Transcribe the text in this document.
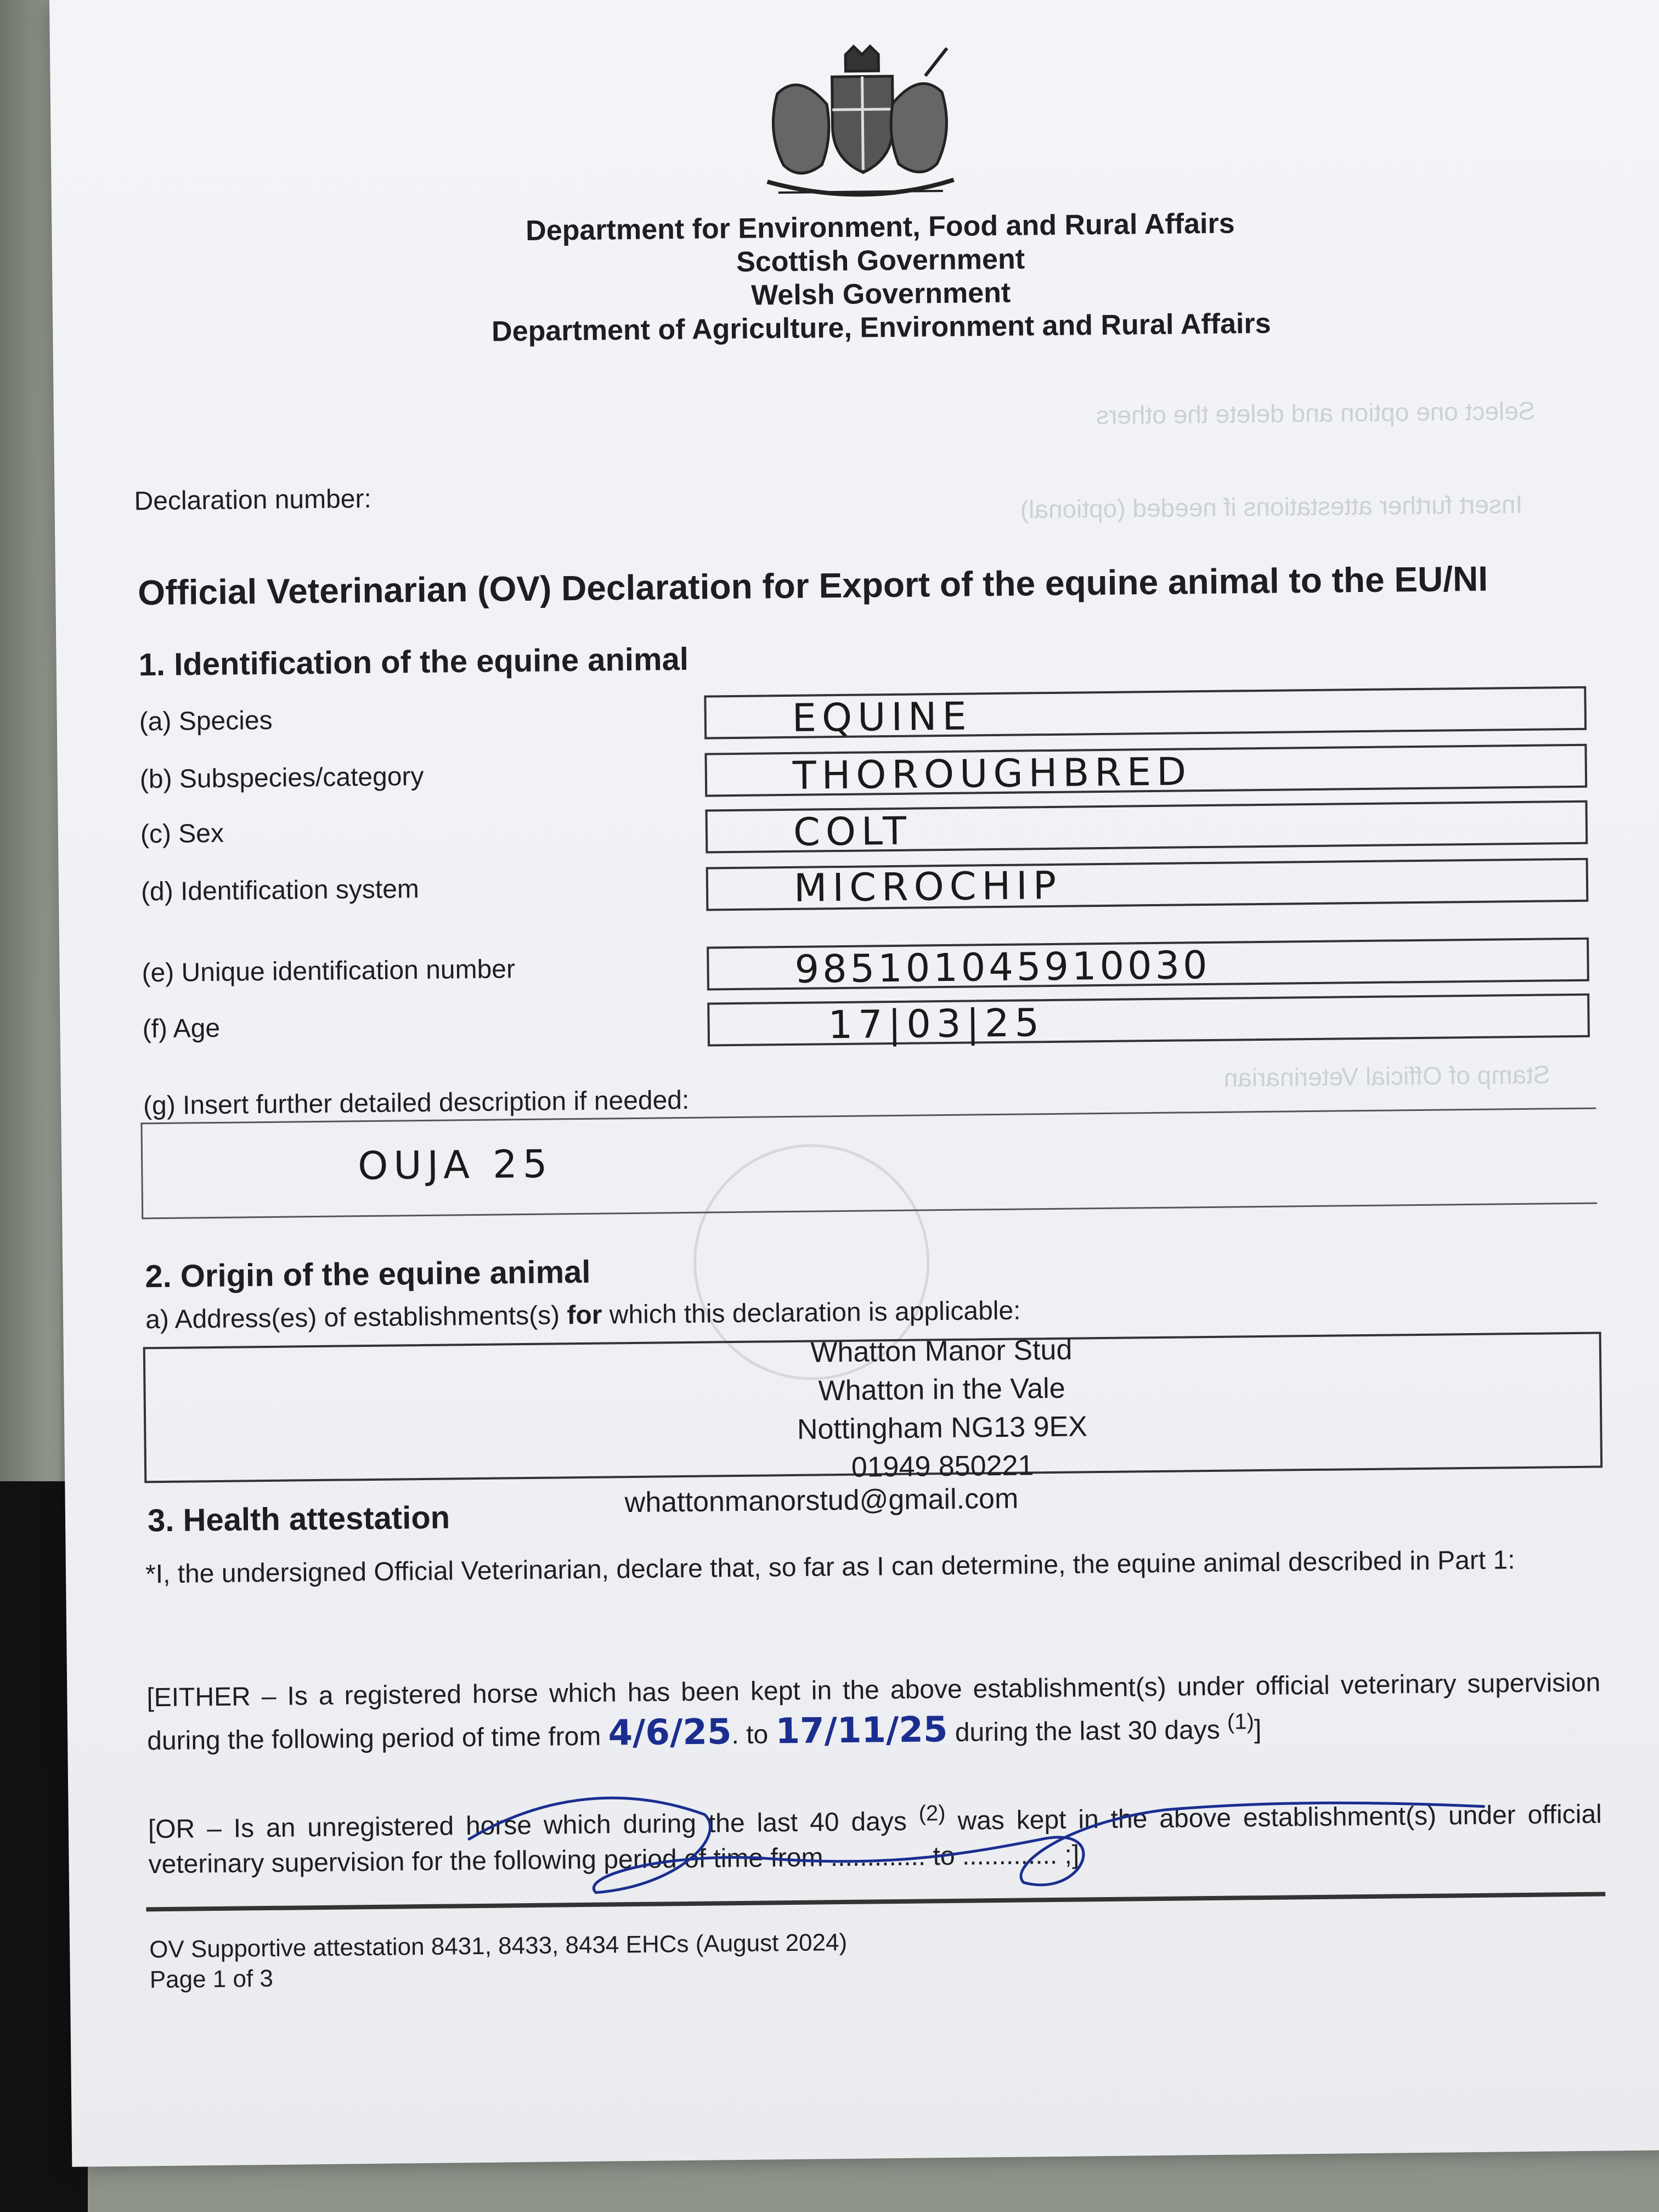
Insert further attestations if needed (optional)
Select one option and delete the others
Stamp of Official Veterinarian
Department for Environment, Food and Rural Affairs
Scottish Government
Welsh Government
Department of Agriculture, Environment and Rural Affairs
Declaration number:
Official Veterinarian (OV) Declaration for Export of the equine animal to the EU/NI
1. Identification of the equine animal
(a) Species	EQUINE
(b) Subspecies/category	THOROUGHBRED
(c) Sex	COLT
(d) Identification system	MICROCHIP
(e) Unique identification number	985101045910030
(f) Age	17|03|25
(g) Insert further detailed description if needed:
OUJA 25
2. Origin of the equine animal
a) Address(es) of establishments(s) for which this declaration is applicable:
Whatton Manor Stud
Whatton in the Vale
Nottingham NG13 9EX
01949 850221
3. Health attestation	whattonmanorstud@gmail.com
*I, the undersigned Official Veterinarian, declare that, so far as I can determine, the equine animal described in Part 1:
[EITHER – Is a registered horse which has been kept in the above establishment(s) under official veterinary supervision during the following period of time from 4/6/25. to 17/11/25 during the last 30 days $^{(1)}$]
[OR – Is an unregistered horse which during the last 40 days $^{(2)}$ was kept in the above establishment(s) under official veterinary supervision for the following period of time from ............. to ............. ;]
OV Supportive attestation 8431, 8433, 8434 EHCs (August 2024)
Page 1 of 3
